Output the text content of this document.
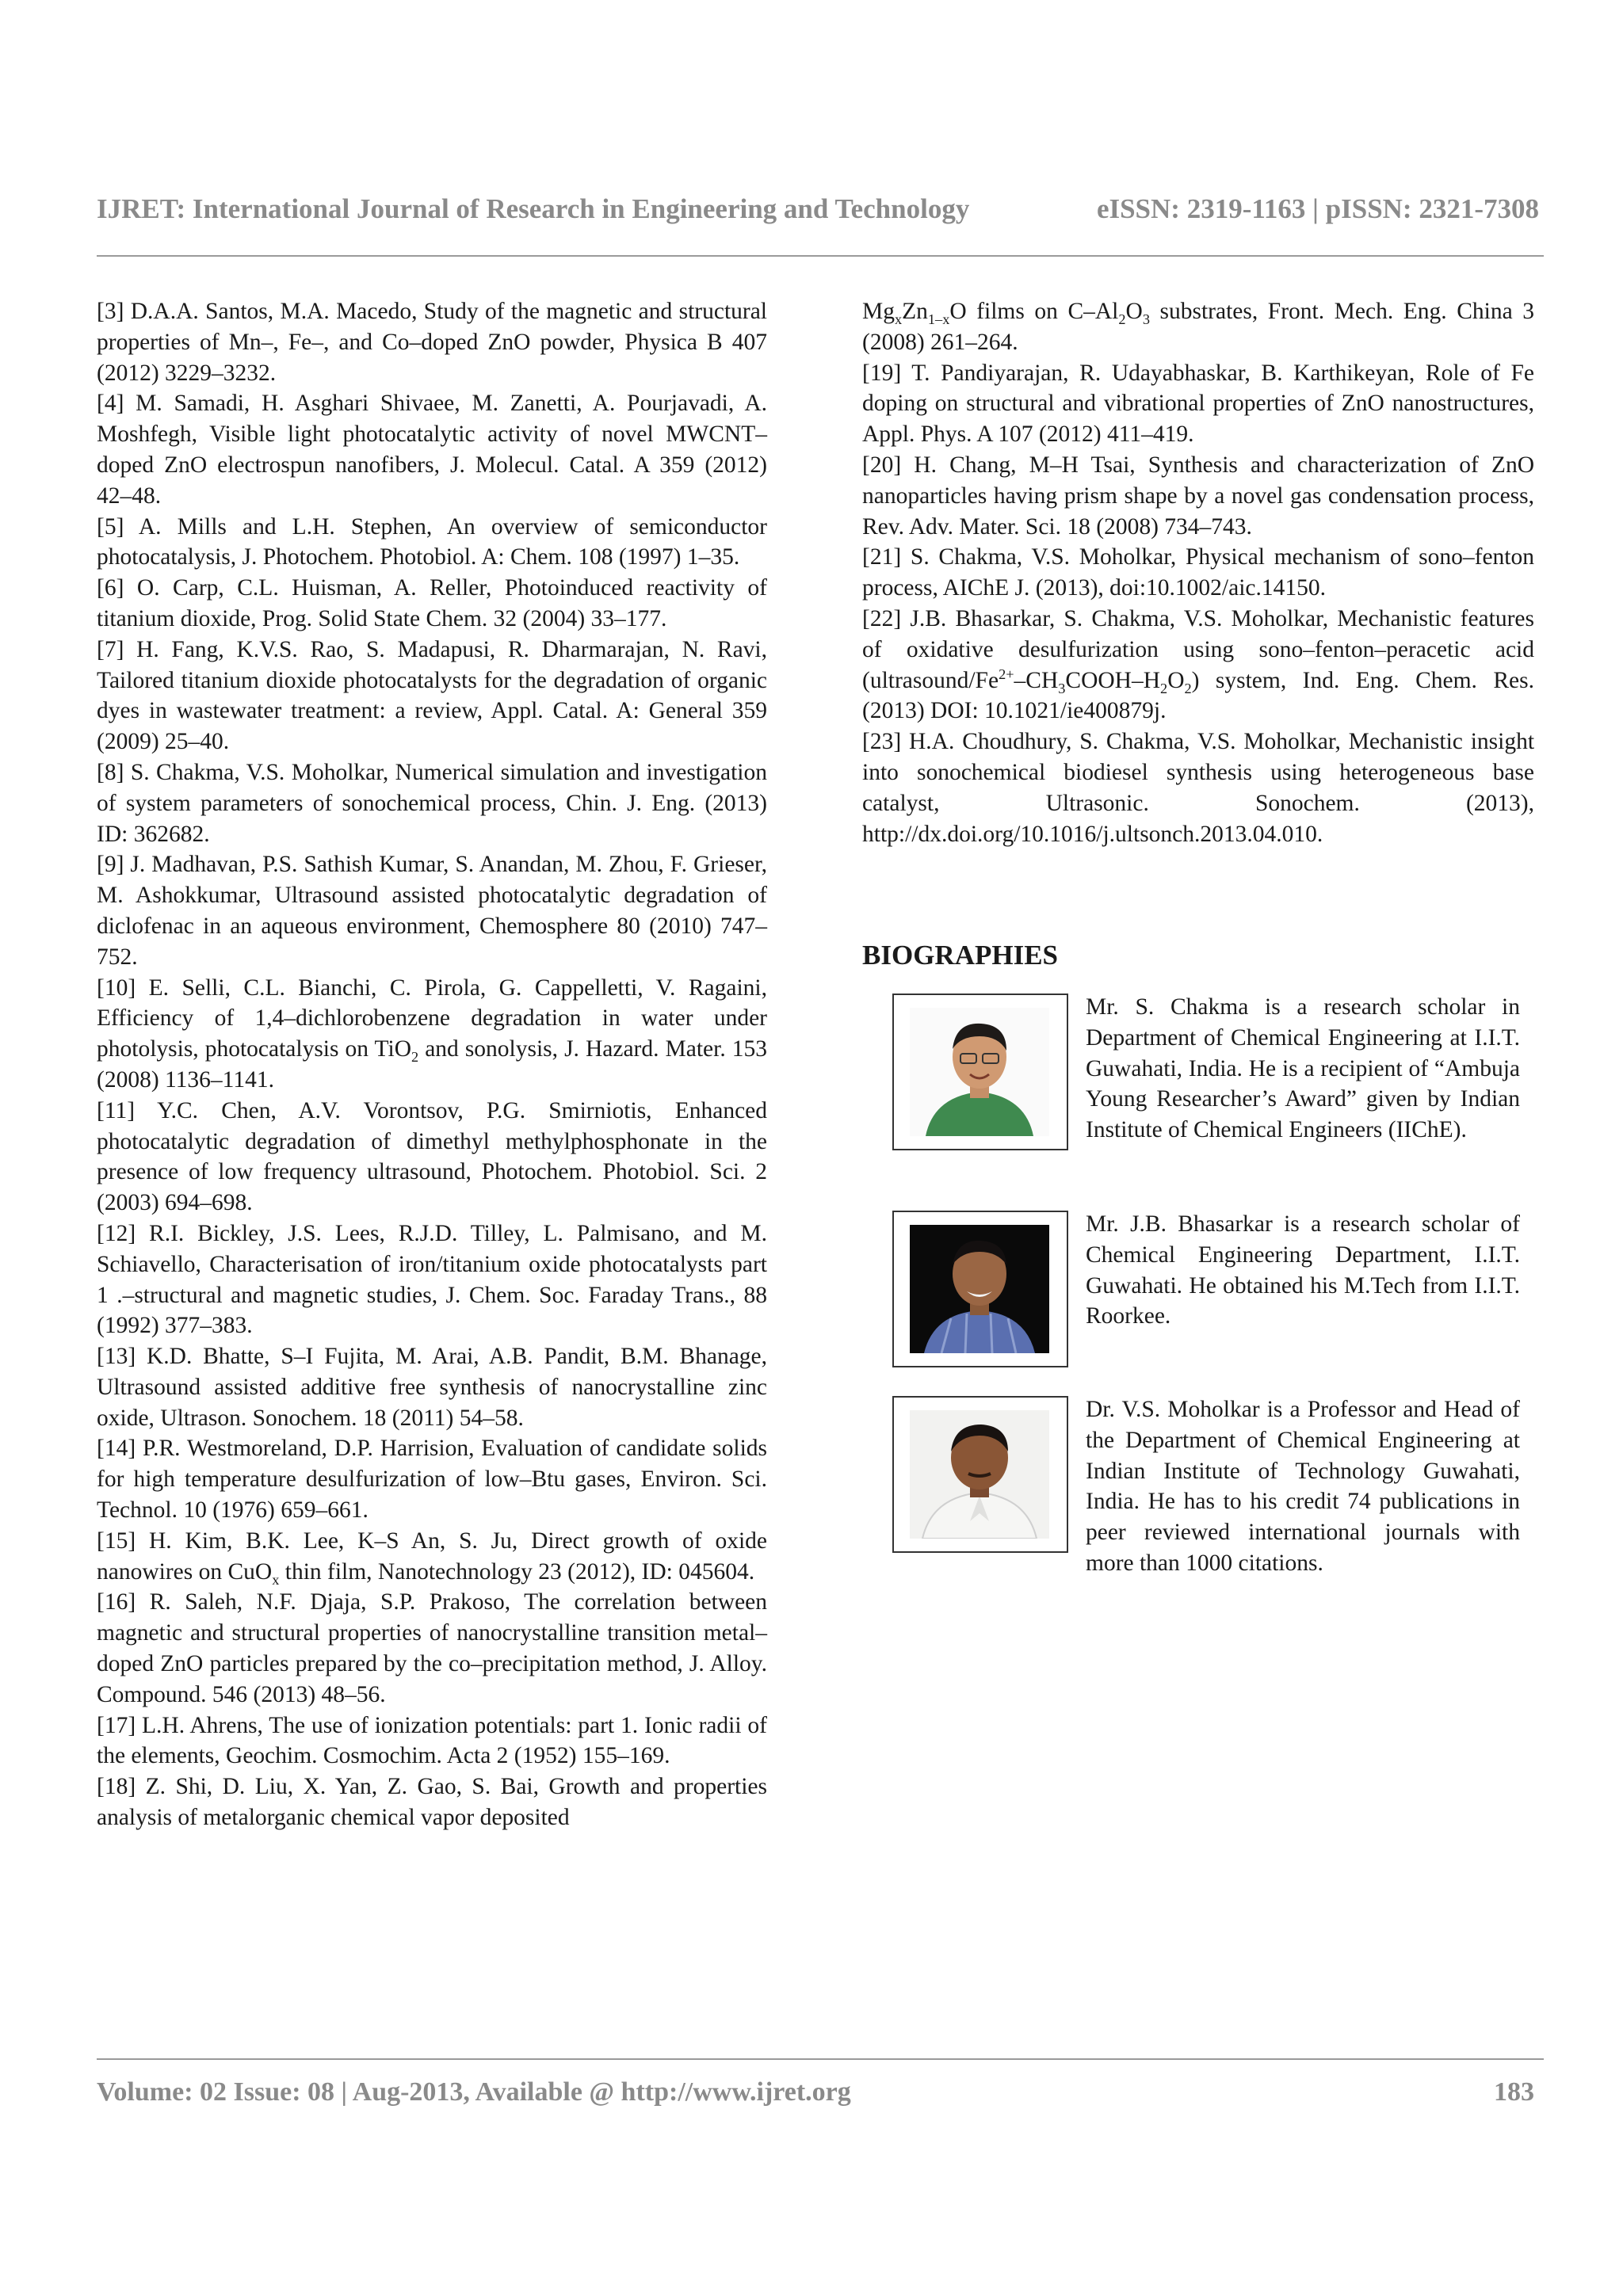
IJRET: International Journal of Research in Engineering and Technology	eISSN: 2319-1163 | pISSN: 2321-7308

[3] D.A.A. Santos, M.A. Macedo, Study of the magnetic and structural properties of Mn–, Fe–, and Co–doped ZnO powder, Physica B 407 (2012) 3229–3232.

[4] M. Samadi, H. Asghari Shivaee, M. Zanetti, A. Pourjavadi, A. Moshfegh, Visible light photocatalytic activity of novel MWCNT–doped ZnO electrospun nanofibers, J. Molecul. Catal. A 359 (2012) 42–48.

[5] A. Mills and L.H. Stephen, An overview of semiconductor photocatalysis, J. Photochem. Photobiol. A: Chem. 108 (1997) 1–35.

[6] O. Carp, C.L. Huisman, A. Reller, Photoinduced reactivity of titanium dioxide, Prog. Solid State Chem. 32 (2004) 33–177.

[7] H. Fang, K.V.S. Rao, S. Madapusi, R. Dharmarajan, N. Ravi, Tailored titanium dioxide photocatalysts for the degradation of organic dyes in wastewater treatment: a review, Appl. Catal. A: General 359 (2009) 25–40.

[8] S. Chakma, V.S. Moholkar, Numerical simulation and investigation of system parameters of sonochemical process, Chin. J. Eng. (2013) ID: 362682.

[9] J. Madhavan, P.S. Sathish Kumar, S. Anandan, M. Zhou, F. Grieser, M. Ashokkumar, Ultrasound assisted photocatalytic degradation of diclofenac in an aqueous environment, Chemosphere 80 (2010) 747–752.

[10] E. Selli, C.L. Bianchi, C. Pirola, G. Cappelletti, V. Ragaini, Efficiency of 1,4–dichlorobenzene degradation in water under photolysis, photocatalysis on TiO$_2$ and sonolysis, J. Hazard. Mater. 153 (2008) 1136–1141.

[11] Y.C. Chen, A.V. Vorontsov, P.G. Smirniotis, Enhanced photocatalytic degradation of dimethyl methylphosphonate in the presence of low frequency ultrasound, Photochem. Photobiol. Sci. 2 (2003) 694–698.

[12] R.I. Bickley, J.S. Lees, R.J.D. Tilley, L. Palmisano, and M. Schiavello, Characterisation of iron/titanium oxide photocatalysts part 1 .–structural and magnetic studies, J. Chem. Soc. Faraday Trans., 88 (1992) 377–383.

[13] K.D. Bhatte, S–I Fujita, M. Arai, A.B. Pandit, B.M. Bhanage, Ultrasound assisted additive free synthesis of nanocrystalline zinc oxide, Ultrason. Sonochem. 18 (2011) 54–58.

[14] P.R. Westmoreland, D.P. Harrision, Evaluation of candidate solids for high temperature desulfurization of low–Btu gases, Environ. Sci. Technol. 10 (1976) 659–661.

[15] H. Kim, B.K. Lee, K–S An, S. Ju, Direct growth of oxide nanowires on CuO$_x$ thin film, Nanotechnology 23 (2012), ID: 045604.

[16] R. Saleh, N.F. Djaja, S.P. Prakoso, The correlation between magnetic and structural properties of nanocrystalline transition metal–doped ZnO particles prepared by the co–precipitation method, J. Alloy. Compound. 546 (2013) 48–56.

[17] L.H. Ahrens, The use of ionization potentials: part 1. Ionic radii of the elements, Geochim. Cosmochim. Acta 2 (1952) 155–169.

[18] Z. Shi, D. Liu, X. Yan, Z. Gao, S. Bai, Growth and properties analysis of metalorganic chemical vapor deposited

$Mg_xZn_{1-x}O$ films on $C-Al_2O_3$ substrates, Front. Mech. Eng. China 3 (2008) 261–264.

[19] T. Pandiyarajan, R. Udayabhaskar, B. Karthikeyan, Role of Fe doping on structural and vibrational properties of ZnO nanostructures, Appl. Phys. A 107 (2012) 411–419.

[20] H. Chang, M–H Tsai, Synthesis and characterization of ZnO nanoparticles having prism shape by a novel gas condensation process, Rev. Adv. Mater. Sci. 18 (2008) 734–743.

[21] S. Chakma, V.S. Moholkar, Physical mechanism of sono–fenton process, AIChE J. (2013), doi:10.1002/aic.14150.

[22] J.B. Bhasarkar, S. Chakma, V.S. Moholkar, Mechanistic features of oxidative desulfurization using sono–fenton–peracetic acid $(ultrasound/Fe^{2+}-CH_3COOH-H_2O_2)$ system, Ind. Eng. Chem. Res. (2013) DOI: 10.1021/ie400879j.

[23] H.A. Choudhury, S. Chakma, V.S. Moholkar, Mechanistic insight into sonochemical biodiesel synthesis using heterogeneous base catalyst, Ultrasonic. Sonochem. (2013), http://dx.doi.org/10.1016/j.ultsonch.2013.04.010.

BIOGRAPHIES
Mr. S. Chakma is a research scholar in Department of Chemical Engineering at I.I.T. Guwahati, India. He is a recipient of “Ambuja Young Researcher’s Award” given by Indian Institute of Chemical Engineers (IIChE).
Mr. J.B. Bhasarkar is a research scholar of Chemical Engineering Department, I.I.T. Guwahati. He obtained his M.Tech from I.I.T. Roorkee.
Dr. V.S. Moholkar is a Professor and Head of the Department of Chemical Engineering at Indian Institute of Technology Guwahati, India. He has to his credit 74 publications in peer reviewed international journals with more than 1000 citations.
Volume: 02 Issue: 08 | Aug-2013, Available @ http://www.ijret.org	183
